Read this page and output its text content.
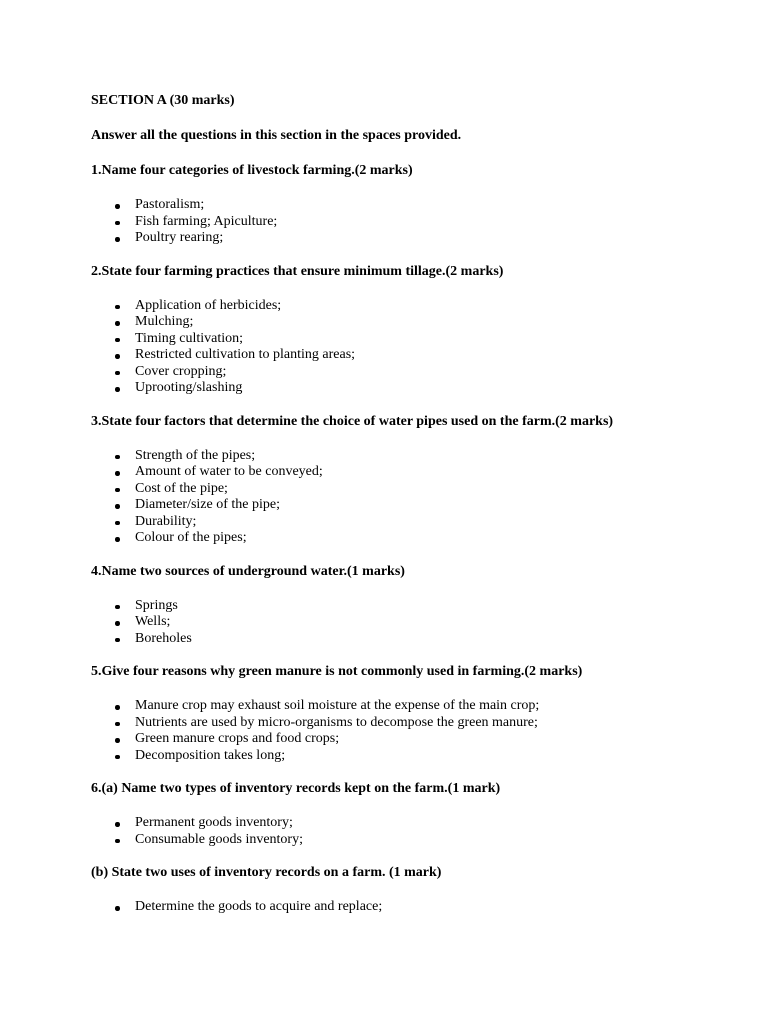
SECTION A (30 marks)

Answer all the questions in this section in the spaces provided.

1.Name four categories of livestock farming.(2 marks)

Pastoralism;
Fish farming; Apiculture;
Poultry rearing;

2.State four farming practices that ensure minimum tillage.(2 marks)

Application of herbicides;
Mulching;
Timing cultivation;
Restricted cultivation to planting areas;
Cover cropping;
Uprooting/slashing

3.State four factors that determine the choice of water pipes used on the farm.(2 marks)

Strength of the pipes;
Amount of water to be conveyed;
Cost of the pipe;
Diameter/size of the pipe;
Durability;
Colour of the pipes;

4.Name two sources of underground water.(1 marks)

Springs
Wells;
Boreholes

5.Give four reasons why green manure is not commonly used in farming.(2 marks)

Manure crop may exhaust soil moisture at the expense of the main crop;
Nutrients are used by micro-organisms to decompose the green manure;
Green manure crops and food crops;
Decomposition takes long;

6.(a) Name two types of inventory records kept on the farm.(1 mark)

Permanent goods inventory;
Consumable goods inventory;

(b) State two uses of inventory records on a farm. (1 mark)

Determine the goods to acquire and replace;
